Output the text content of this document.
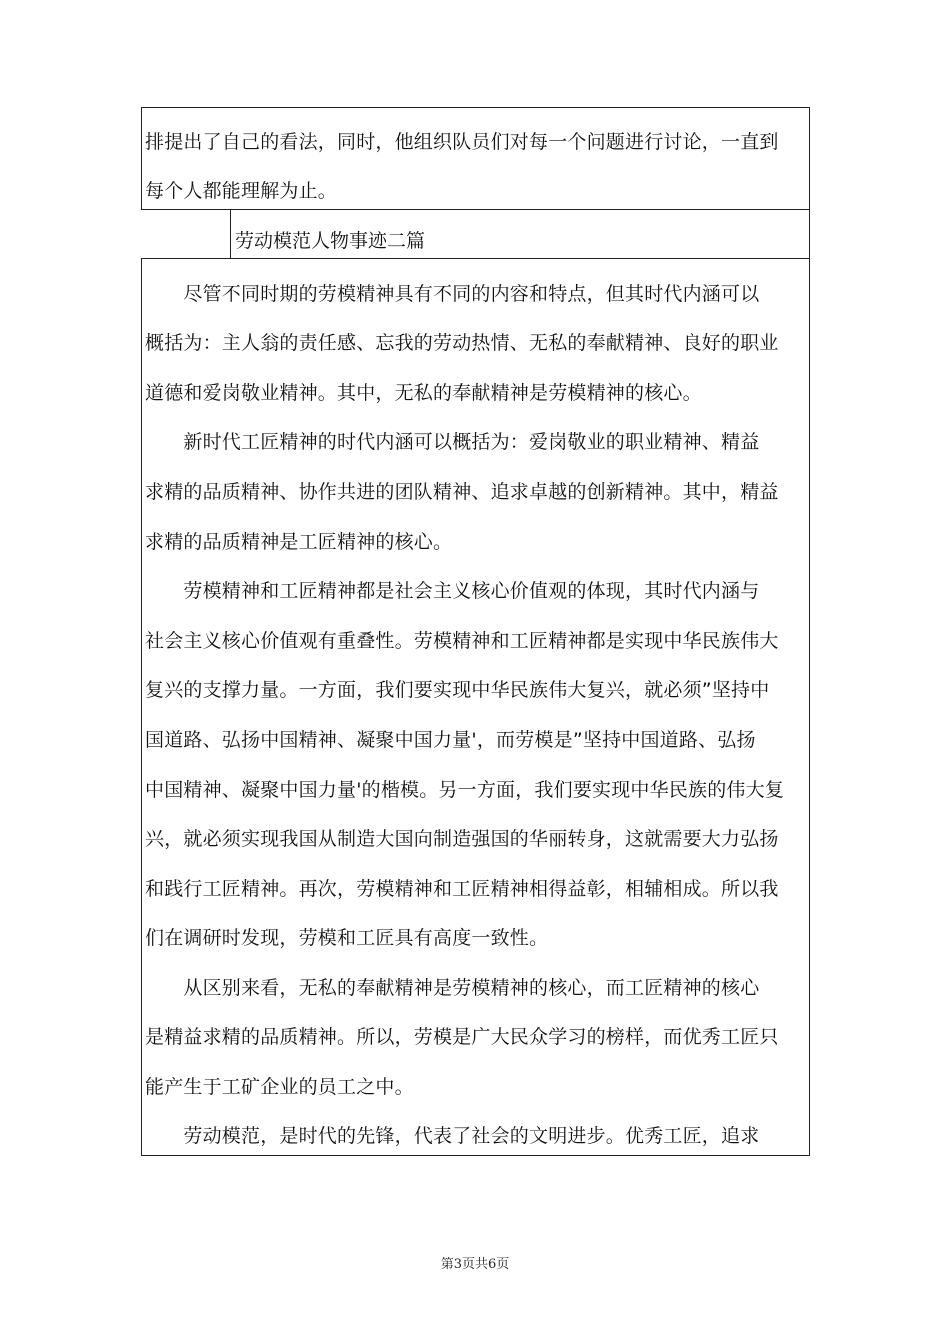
排提出了自己的看法，同时，他组织队员们对每一个问题进行讨论，一直到
每个人都能理解为止。
劳动模范人物事迹二篇
　　尽管不同时期的劳模精神具有不同的内容和特点，但其时代内涵可以
概括为：主人翁的责任感、忘我的劳动热情、无私的奉献精神、良好的职业
道德和爱岗敬业精神。其中，无私的奉献精神是劳模精神的核心。
　　新时代工匠精神的时代内涵可以概括为：爱岗敬业的职业精神、精益
求精的品质精神、协作共进的团队精神、追求卓越的创新精神。其中，精益
求精的品质精神是工匠精神的核心。
　　劳模精神和工匠精神都是社会主义核心价值观的体现，其时代内涵与
社会主义核心价值观有重叠性。劳模精神和工匠精神都是实现中华民族伟大
复兴的支撑力量。一方面，我们要实现中华民族伟大复兴，就必须”坚持中
国道路、弘扬中国精神、凝聚中国力量'，而劳模是”坚持中国道路、弘扬
中国精神、凝聚中国力量'的楷模。另一方面，我们要实现中华民族的伟大复
兴，就必须实现我国从制造大国向制造强国的华丽转身，这就需要大力弘扬
和践行工匠精神。再次，劳模精神和工匠精神相得益彰，相辅相成。所以我
们在调研时发现，劳模和工匠具有高度一致性。
　　从区别来看，无私的奉献精神是劳模精神的核心，而工匠精神的核心
是精益求精的品质精神。所以，劳模是广大民众学习的榜样，而优秀工匠只
能产生于工矿企业的员工之中。
　　劳动模范，是时代的先锋，代表了社会的文明进步。优秀工匠，追求
第3页共6页
